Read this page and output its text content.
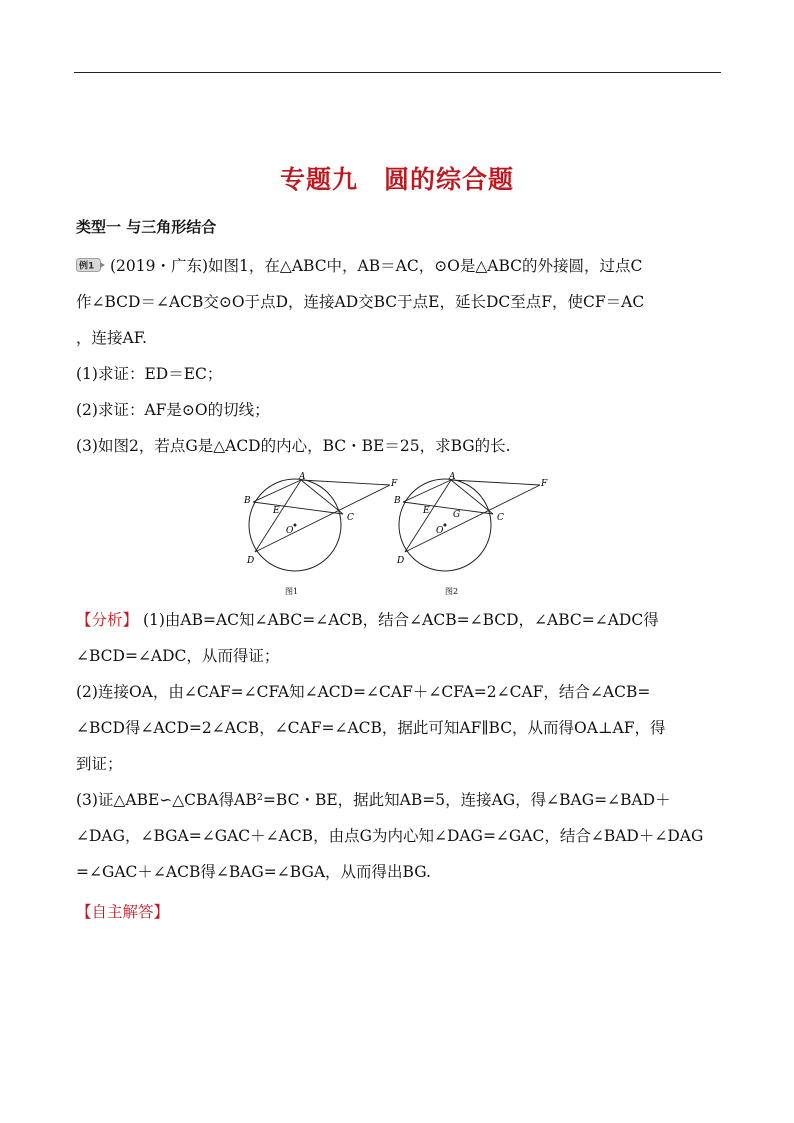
专题九　圆的综合题
类型一 与三角形结合
例1 (2019・广东)如图1，在△ABC中，AB＝AC，⊙O是△ABC的外接圆，过点C
作∠BCD＝∠ACB交⊙O于点D，连接AD交BC于点E，延长DC至点F，使CF＝AC
，连接AF.
(1)求证：ED＝EC；
(2)求证：AF是⊙O的切线；
(3)如图2，若点G是△ACD的内心，BC・BE＝25，求BG的长.
A
B
C
D
E
F
O
图1
A
B
C
D
E	G
F
O
图2
【分析】 (1)由AB=AC知∠ABC=∠ACB，结合∠ACB=∠BCD，∠ABC=∠ADC得
∠BCD=∠ADC，从而得证；
(2)连接OA，由∠CAF=∠CFA知∠ACD=∠CAF＋∠CFA=2∠CAF，结合∠ACB=
∠BCD得∠ACD=2∠ACB，∠CAF=∠ACB，据此可知AF∥BC，从而得OA⊥AF，得
到证；
(3)证△ABE∽△CBA得AB²=BC・BE，据此知AB=5，连接AG，得∠BAG=∠BAD＋
∠DAG，∠BGA=∠GAC＋∠ACB，由点G为内心知∠DAG=∠GAC，结合∠BAD＋∠DAG
=∠GAC＋∠ACB得∠BAG=∠BGA，从而得出BG.
【自主解答】
